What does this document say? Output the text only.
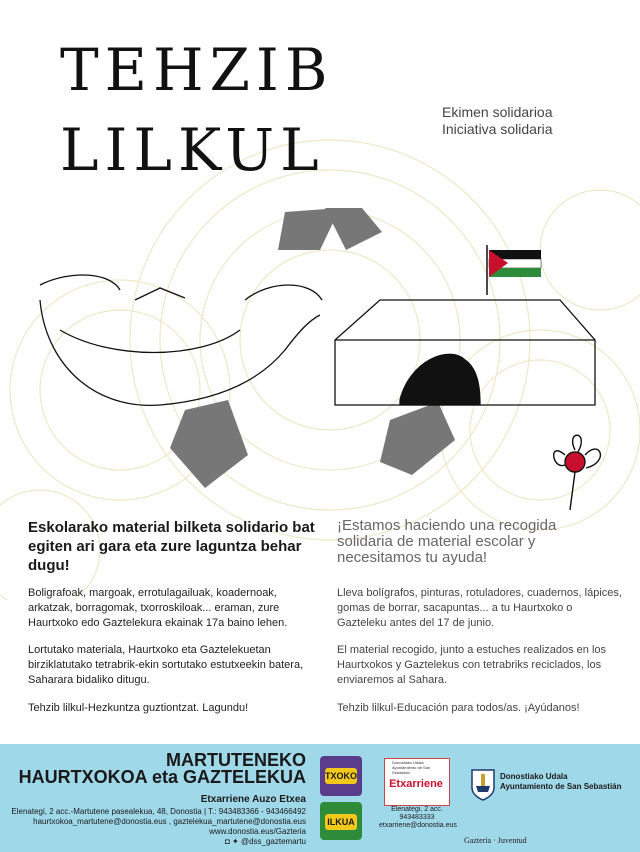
TEHZIB LILKUL
Ekimen solidarioa
Iniciativa solidaria
Eskolarako material bilketa solidario bat egiten ari gara eta zure laguntza behar dugu!
Boligrafoak, margoak, errotulagailuak, koadernoak, arkatzak, borragomak, txorroskiloak... eraman, zure Haurtxoko edo Gaztelekura ekainak 17a baino lehen.
Lortutako materiala, Haurtxoko eta Gaztelekuetan birziklatutako tetrabrik-ekin sortutako estutxeekin batera, Saharara bidaliko ditugu.
Tehzib lilkul-Hezkuntza guztiontzat. Lagundu!
¡Estamos haciendo una recogida solidaria de material escolar y necesitamos tu ayuda!
Lleva bolígrafos, pinturas, rotuladores, cuadernos, lápices, gomas de borrar, sacapuntas... a tu Haurtxoko o Gazteleku antes del 17 de junio.
El material recogido, junto a estuches realizados en los Haurtxokos y Gaztelekus con tetrabriks reciclados, los enviaremos al Sahara.
Tehzib lilkul-Educación para todos/as. ¡Ayúdanos!
MARTUTENEKO
HAURTXOKOA eta GAZTELEKUA
Etxarriene Auzo Etxea
Elenategi, 2 acc.-Martutene pasealekua, 48, Donostia | T.: 943483366 - 943466492
haurtxokoa_martutene@donostia.eus , gaztelekua_martutene@donostia.eus
www.donostia.eus/Gazteria
◘ ✦ @dss_gaztemartu
TXOKO
ILKUA
Donostiako Udala Ayuntamiento de San Sebastián
Etxarriene
Elenategi, 2 acc.
943483333
etxarriene@donostia.eus
Donostiako Udala
Ayuntamiento de San Sebastián
Gazteria · Juventud
